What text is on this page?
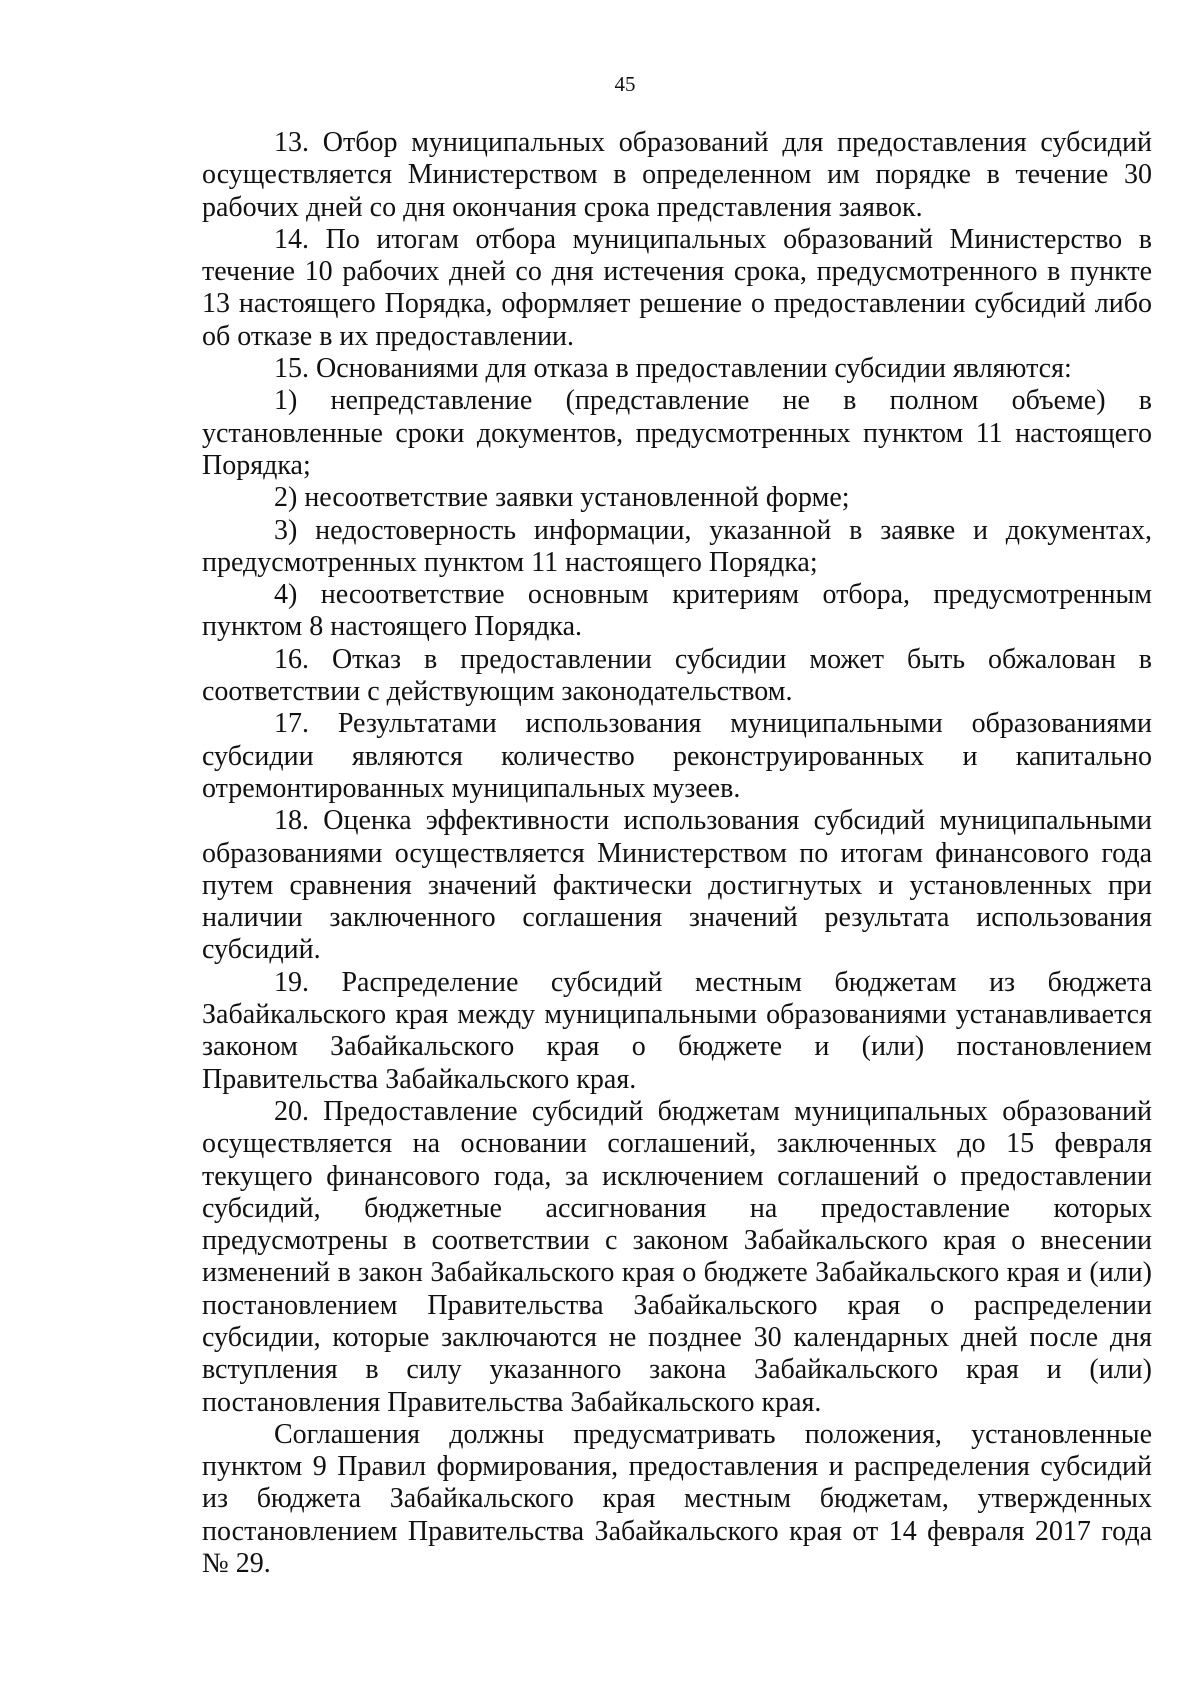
45

13. Отбор муниципальных образований для предоставления субсидий осуществляется Министерством в определенном им порядке в течение 30 рабочих дней со дня окончания срока представления заявок.

14. По итогам отбора муниципальных образований Министерство в течение 10 рабочих дней со дня истечения срока, предусмотренного в пункте 13 настоящего Порядка, оформляет решение о предоставлении субсидий либо об отказе в их предоставлении.

15. Основаниями для отказа в предоставлении субсидии являются:

1) непредставление (представление не в полном объеме) в установленные сроки документов, предусмотренных пунктом 11 настоящего Порядка;

2) несоответствие заявки установленной форме;

3) недостоверность информации, указанной в заявке и документах, предусмотренных пунктом 11 настоящего Порядка;

4) несоответствие основным критериям отбора, предусмотренным пунктом 8 настоящего Порядка.

16. Отказ в предоставлении субсидии может быть обжалован в соответствии с действующим законодательством.

17. Результатами использования муниципальными образованиями субсидии являются количество реконструированных и капитально отремонтированных муниципальных музеев.

18. Оценка эффективности использования субсидий муниципальными образованиями осуществляется Министерством по итогам финансового года путем сравнения значений фактически достигнутых и установленных при наличии заключенного соглашения значений результата использования субсидий.

19. Распределение субсидий местным бюджетам из бюджета Забайкальского края между муниципальными образованиями устанавливается законом Забайкальского края о бюджете и (или) постановлением Правительства Забайкальского края.

20. Предоставление субсидий бюджетам муниципальных образований осуществляется на основании соглашений, заключенных до 15 февраля текущего финансового года, за исключением соглашений о предоставлении субсидий, бюджетные ассигнования на предоставление которых предусмотрены в соответствии с законом Забайкальского края о внесении изменений в закон Забайкальского края о бюджете Забайкальского края и (или) постановлением Правительства Забайкальского края о распределении субсидии, которые заключаются не позднее 30 календарных дней после дня вступления в силу указанного закона Забайкальского края и (или) постановления Правительства Забайкальского края.

Соглашения должны предусматривать положения, установленные пунктом 9 Правил формирования, предоставления и распределения субсидий из бюджета Забайкальского края местным бюджетам, утвержденных постановлением Правительства Забайкальского края от 14 февраля 2017 года № 29.
